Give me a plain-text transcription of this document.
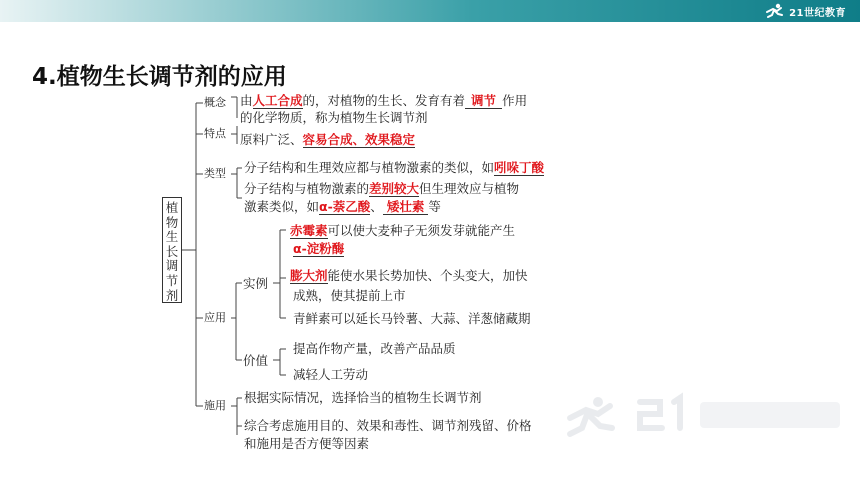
21世纪教育
4.植物生长调节剂的应用
植
物
生
长
调
节
剂
概念
特点
类型
应用
施用
由人工合成的，对植物的生长、发育有着 调节 作用
的化学物质，称为植物生长调节剂
原料广泛、容易合成、效果稳定
分子结构和生理效应都与植物激素的类似，如吲哚丁酸
分子结构与植物激素的差别较大但生理效应与植物
激素类似，如α-萘乙酸、 矮壮素 等
实例
赤霉素可以使大麦种子无须发芽就能产生
α-淀粉酶
膨大剂能使水果长势加快、个头变大，加快
成熟，使其提前上市
青鲜素可以延长马铃薯、大蒜、洋葱储藏期
价值
提高作物产量，改善产品品质
减轻人工劳动
根据实际情况，选择恰当的植物生长调节剂
综合考虑施用目的、效果和毒性、调节剂残留、价格
和施用是否方便等因素
